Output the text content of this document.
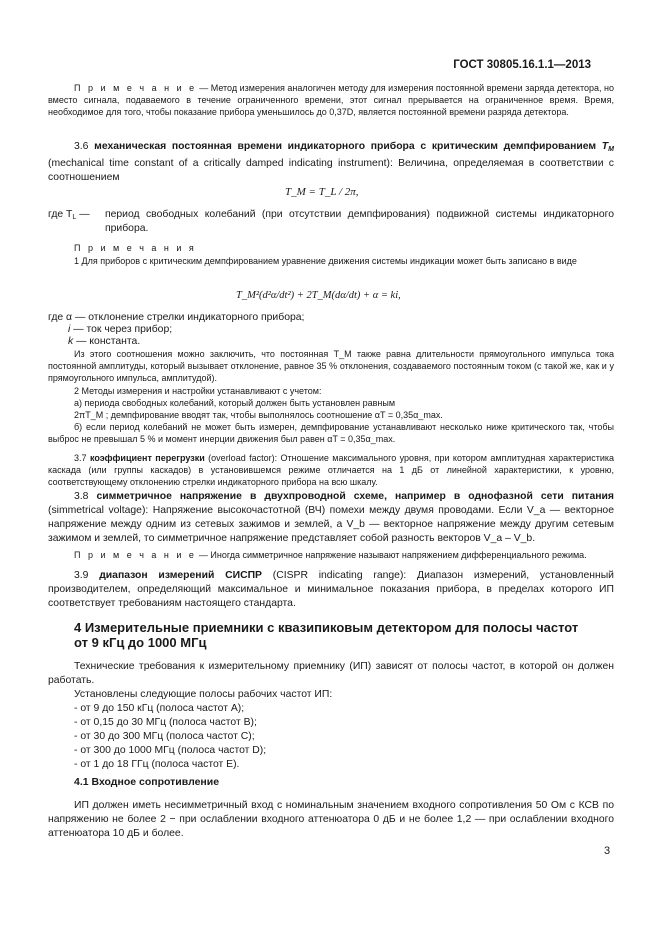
ГОСТ 30805.16.1.1—2013
П р и м е ч а н и е — Метод измерения аналогичен методу для измерения постоянной времени заряда детектора, но вместо сигнала, подаваемого в течение ограниченного времени, этот сигнал прерывается на ограниченное время. Время, необходимое для того, чтобы показание прибора уменьшилось до 0,37D, является постоянной времени разряда детектора.
3.6 механическая постоянная времени индикаторного прибора с критическим демпфированием $T_M$ (mechanical time constant of a critically damped indicating instrument): Величина, определяемая в соответствии с соотношением
T_M = T_L / 2π,
где $T_L$ — период свободных колебаний (при отсутствии демпфирования) подвижной системы индикаторного прибора.
П р и м е ч а н и я
1 Для приборов с критическим демпфированием уравнение движения системы индикации может быть записано в виде
T_M²(d²α/dt²) + 2T_M(dα/dt) + α = ki,
где α — отклонение стрелки индикаторного прибора;
i — ток через прибор;
k — константа.
Из этого соотношения можно заключить, что постоянная T_M также равна длительности прямоугольного импульса тока постоянной амплитуды, который вызывает отклонение, равное 35 % отклонения, создаваемого постоянным током (с такой же, как и у прямоугольного импульса, амплитудой).
2 Методы измерения и настройки устанавливают с учетом:
а) периода свободных колебаний, который должен быть установлен равным
2πT_M ; демпфирование вводят так, чтобы выполнялось соотношение αT = 0,35α_max.
б) если период колебаний не может быть измерен, демпфирование устанавливают несколько ниже критического так, чтобы выброс не превышал 5 % и момент инерции движения был равен αT = 0,35α_max.
3.7 коэффициент перегрузки (overload factor): Отношение максимального уровня, при котором амплитудная характеристика каскада (или группы каскадов) в установившемся режиме отличается на 1 дБ от линейной характеристики, к уровню, соответствующему отклонению стрелки индикаторного прибора на всю шкалу.
3.8 симметричное напряжение в двухпроводной схеме, например в однофазной сети питания (simmetrical voltage): Напряжение высокочастотной (ВЧ) помехи между двумя проводами. Если V_a — векторное напряжение между одним из сетевых зажимов и землей, а V_b — векторное напряжение между другим сетевым зажимом и землей, то симметричное напряжение представляет собой разность векторов V_a – V_b.
П р и м е ч а н и е — Иногда симметричное напряжение называют напряжением дифференциального режима.
3.9 диапазон измерений СИСПР (CISPR indicating range): Диапазон измерений, установленный производителем, определяющий максимальное и минимальное показания прибора, в пределах которого ИП соответствует требованиям настоящего стандарта.
4 Измерительные приемники с квазипиковым детектором для полосы частот от 9 кГц до 1000 МГц
Технические требования к измерительному приемнику (ИП) зависят от полосы частот, в которой он должен работать.
Установлены следующие полосы рабочих частот ИП:
- от 9 до 150 кГц (полоса частот А);
- от 0,15 до 30 МГц (полоса частот В);
- от 30 до 300 МГц (полоса частот С);
- от 300 до 1000 МГц (полоса частот D);
- от 1 до 18 ГГц (полоса частот Е).
4.1 Входное сопротивление
ИП должен иметь несимметричный вход с номинальным значением входного сопротивления 50 Ом с КСВ по напряжению не более 2 − при ослаблении входного аттенюатора 0 дБ и не более 1,2 — при ослаблении входного аттенюатора 10 дБ и более.
3
